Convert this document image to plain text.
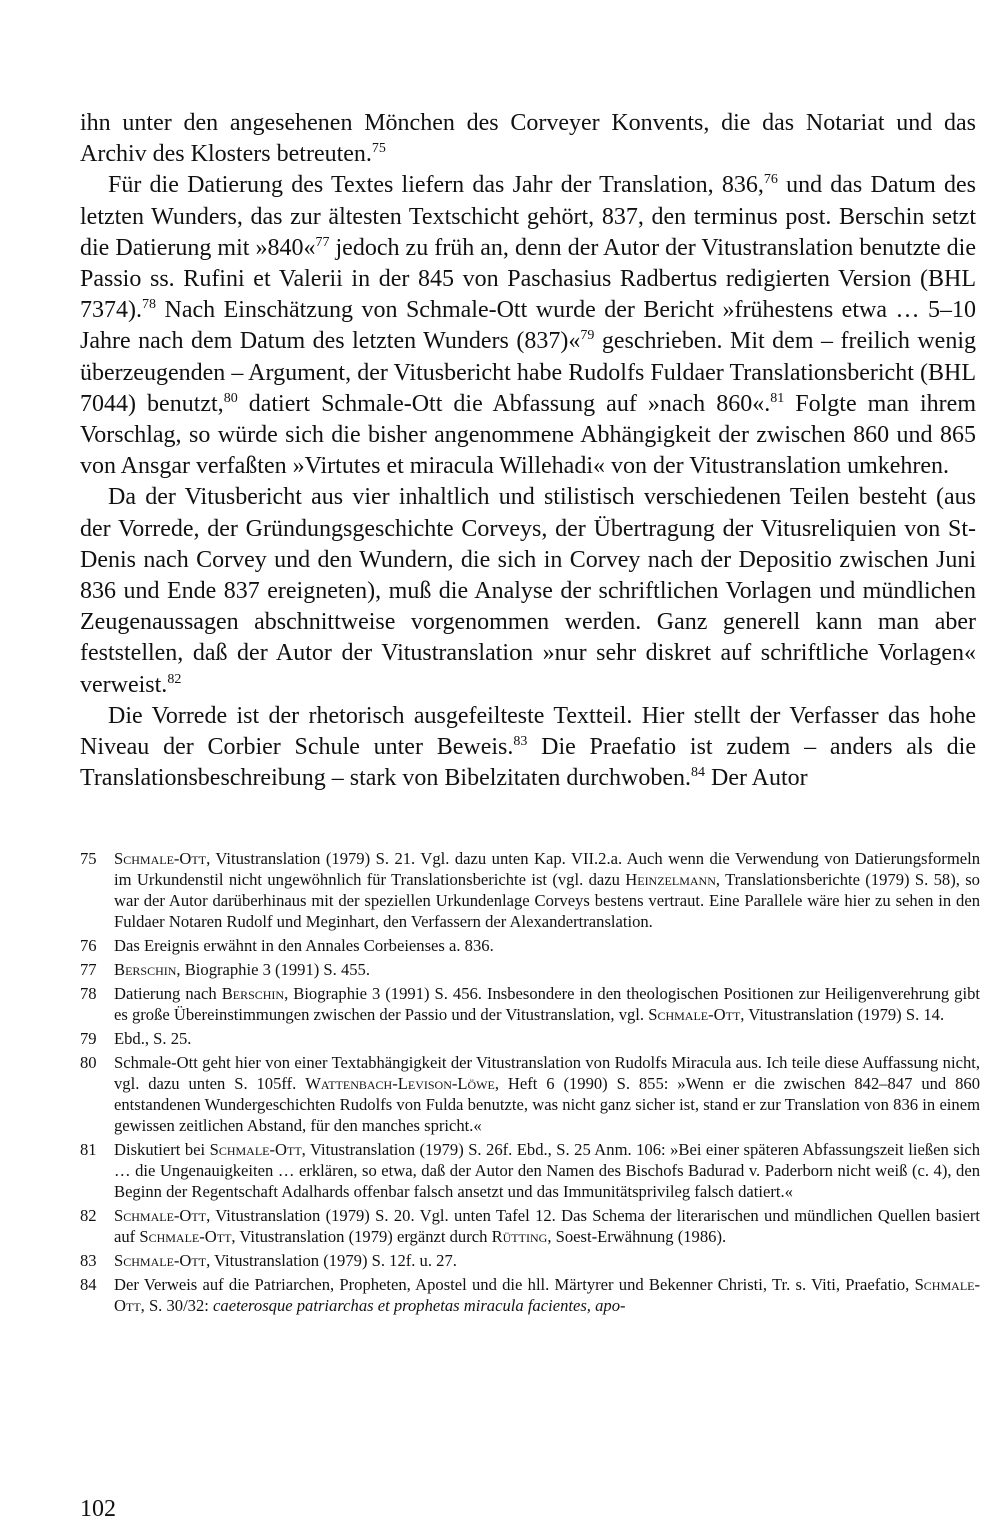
ihn unter den angesehenen Mönchen des Corveyer Konvents, die das Notariat und das Archiv des Klosters betreuten.$^{75}$

Für die Datierung des Textes liefern das Jahr der Translation, 836,76 und das Datum des letzten Wunders, das zur ältesten Textschicht gehört, 837, den terminus post. Berschin setzt die Datierung mit »840«$^{77}$ jedoch zu früh an, denn der Autor der Vitustranslation benutzte die Passio ss. Rufini et Valerii in der 845 von Paschasius Radbertus redigierten Version (BHL 7374).$^{78}$ Nach Einschätzung von Schmale-Ott wurde der Bericht »frühestens etwa … 5–10 Jahre nach dem Datum des letzten Wunders (837)«$^{79}$ geschrieben. Mit dem – freilich wenig überzeugenden – Argument, der Vitusbericht habe Rudolfs Fuldaer Translationsbericht (BHL 7044) benutzt,$^{80}$ datiert Schmale-Ott die Abfassung auf »nach 860«.$^{81}$ Folgte man ihrem Vorschlag, so würde sich die bisher angenommene Abhängigkeit der zwischen 860 und 865 von Ansgar verfaßten »Virtutes et miracula Willehadi« von der Vitustranslation umkehren.

Da der Vitusbericht aus vier inhaltlich und stilistisch verschiedenen Teilen besteht (aus der Vorrede, der Gründungsgeschichte Corveys, der Übertragung der Vitusreliquien von St-Denis nach Corvey und den Wundern, die sich in Corvey nach der Depositio zwischen Juni 836 und Ende 837 ereigneten), muß die Analyse der schriftlichen Vorlagen und mündlichen Zeugenaussagen abschnittweise vorgenommen werden. Ganz generell kann man aber feststellen, daß der Autor der Vitustranslation »nur sehr diskret auf schriftliche Vorlagen« verweist.$^{82}$

Die Vorrede ist der rhetorisch ausgefeilteste Textteil. Hier stellt der Verfasser das hohe Niveau der Corbier Schule unter Beweis.$^{83}$ Die Praefatio ist zudem – anders als die Translationsbeschreibung – stark von Bibelzitaten durchwoben.$^{84}$ Der Autor

75	Schmale-Ott, Vitustranslation (1979) S. 21. Vgl. dazu unten Kap. VII.2.a. Auch wenn die Verwendung von Datierungsformeln im Urkundenstil nicht ungewöhnlich für Translationsberichte ist (vgl. dazu Heinzelmann, Translationsberichte (1979) S. 58), so war der Autor darüberhinaus mit der speziellen Urkundenlage Corveys bestens vertraut. Eine Parallele wäre hier zu sehen in den Fuldaer Notaren Rudolf und Meginhart, den Verfassern der Alexandertranslation.
76	Das Ereignis erwähnt in den Annales Corbeienses a. 836.
77	Berschin, Biographie 3 (1991) S. 455.
78	Datierung nach Berschin, Biographie 3 (1991) S. 456. Insbesondere in den theologischen Positionen zur Heiligenverehrung gibt es große Übereinstimmungen zwischen der Passio und der Vitustranslation, vgl. Schmale-Ott, Vitustranslation (1979) S. 14.
79	Ebd., S. 25.
80	Schmale-Ott geht hier von einer Textabhängigkeit der Vitustranslation von Rudolfs Miracula aus. Ich teile diese Auffassung nicht, vgl. dazu unten S. 105ff. Wattenbach-Levison-Löwe, Heft 6 (1990) S. 855: »Wenn er die zwischen 842–847 und 860 entstandenen Wundergeschichten Rudolfs von Fulda benutzte, was nicht ganz sicher ist, stand er zur Translation von 836 in einem gewissen zeitlichen Abstand, für den manches spricht.«
81	Diskutiert bei Schmale-Ott, Vitustranslation (1979) S. 26f. Ebd., S. 25 Anm. 106: »Bei einer späteren Abfassungszeit ließen sich … die Ungenauigkeiten … erklären, so etwa, daß der Autor den Namen des Bischofs Badurad v. Paderborn nicht weiß (c. 4), den Beginn der Regentschaft Adalhards offenbar falsch ansetzt und das Immunitätsprivileg falsch datiert.«
82	Schmale-Ott, Vitustranslation (1979) S. 20. Vgl. unten Tafel 12. Das Schema der literarischen und mündlichen Quellen basiert auf Schmale-Ott, Vitustranslation (1979) ergänzt durch Rütting, Soest-Erwähnung (1986).
83	Schmale-Ott, Vitustranslation (1979) S. 12f. u. 27.
84	Der Verweis auf die Patriarchen, Propheten, Apostel und die hll. Märtyrer und Bekenner Christi, Tr. s. Viti, Praefatio, Schmale-Ott, S. 30/32: caeterosque patriarchas et prophetas miracula facientes, apo-
102
